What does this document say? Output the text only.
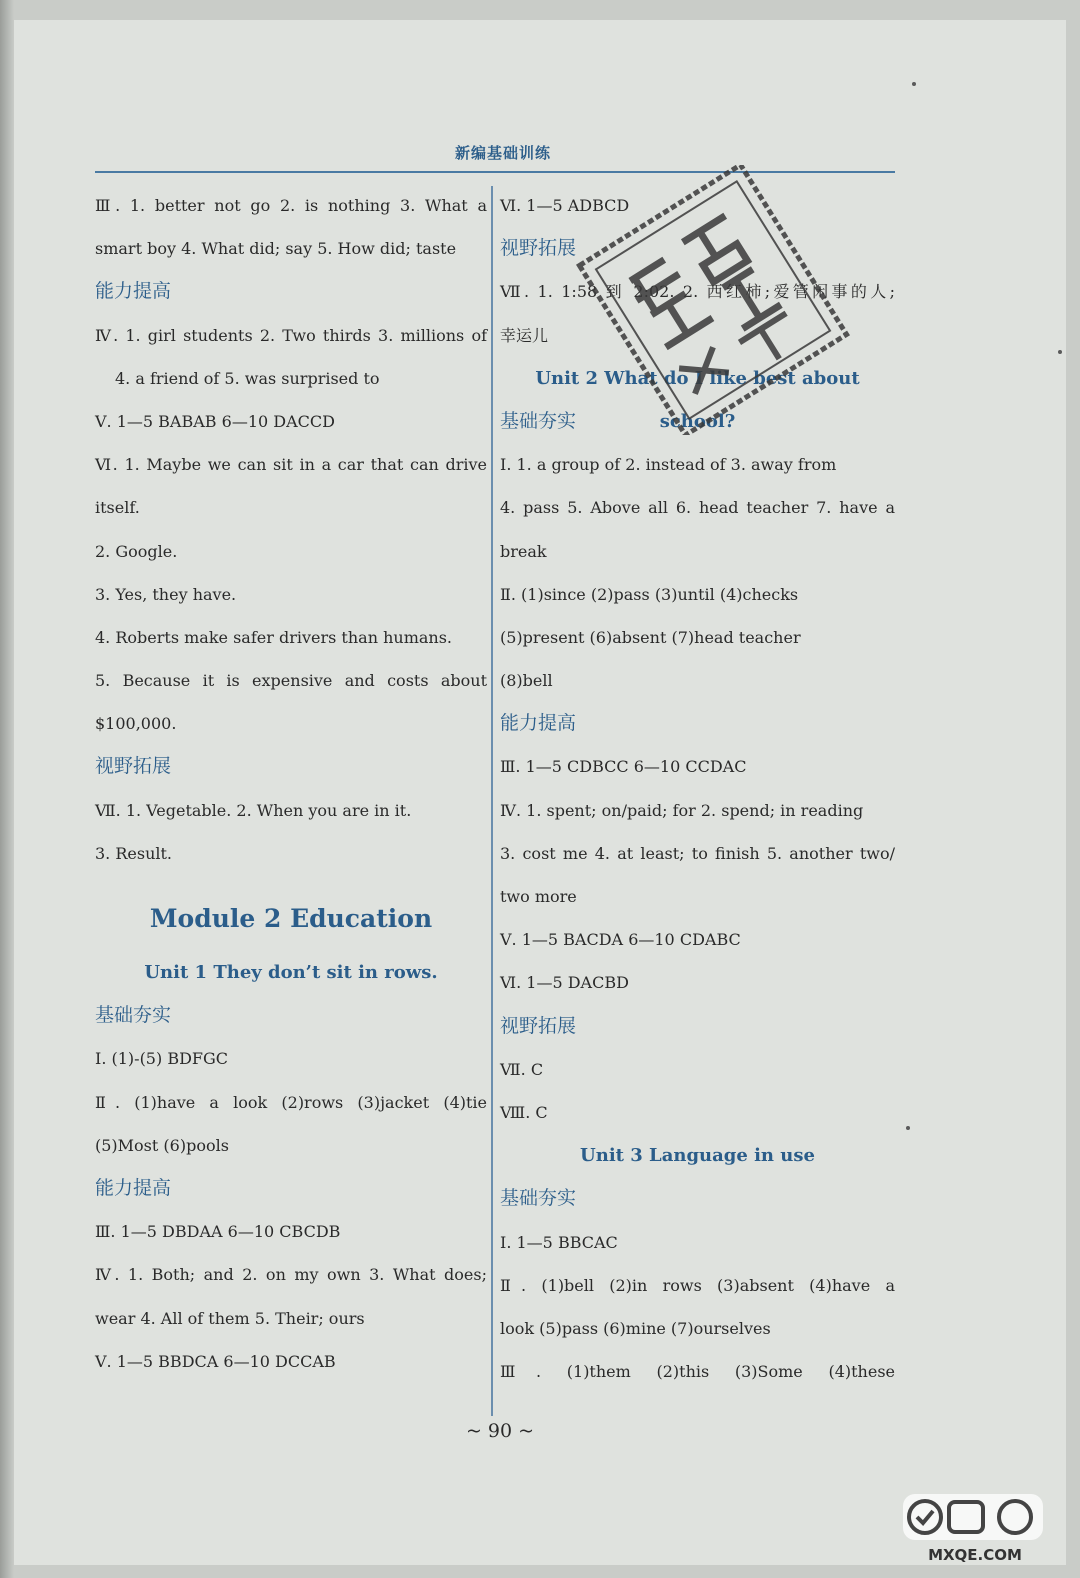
新编基础训练
Ⅲ. 1. better not go 2. is nothing 3. What a
smart boy 4. What did; say 5. How did; taste
能力提高
Ⅳ. 1. girl students 2. Two thirds 3. millions of
4. a friend of 5. was surprised to
Ⅴ. 1—5 BABAB 6—10 DACCD
Ⅵ. 1. Maybe we can sit in a car that can drive
itself.
2. Google.
3. Yes, they have.
4. Roberts make safer drivers than humans.
5. Because it is expensive and costs about
$100,000.
视野拓展
Ⅶ. 1. Vegetable. 2. When you are in it.
3. Result.
Module 2 Education
Unit 1 They don’t sit in rows.
基础夯实
Ⅰ. (1)-(5) BDFGC
Ⅱ. (1)have a look (2)rows (3)jacket (4)tie
(5)Most (6)pools
能力提高
Ⅲ. 1—5 DBDAA 6—10 CBCDB
Ⅳ. 1. Both; and 2. on my own 3. What does;
wear 4. All of them 5. Their; ours
Ⅴ. 1—5 BBDCA 6—10 DCCAB
Ⅵ. 1—5 ADBCD
视野拓展
Ⅶ. 1. 1:58 到 2:02. 2. 西红柿;爱管闲事的人;
幸运儿
Unit 2 What do I like best about school?
基础夯实
Ⅰ. 1. a group of 2. instead of 3. away from
4. pass 5. Above all 6. head teacher 7. have a
break
Ⅱ. (1)since (2)pass (3)until (4)checks
(5)present (6)absent (7)head teacher
(8)bell
能力提高
Ⅲ. 1—5 CDBCC 6—10 CCDAC
Ⅳ. 1. spent; on/paid; for 2. spend; in reading
3. cost me 4. at least; to finish 5. another two/
two more
Ⅴ. 1—5 BACDA 6—10 CDABC
Ⅵ. 1—5 DACBD
视野拓展
Ⅶ. C
Ⅷ. C
Unit 3 Language in use
基础夯实
Ⅰ. 1—5 BBCAC
Ⅱ. (1)bell (2)in rows (3)absent (4)have a
look (5)pass (6)mine (7)ourselves
Ⅲ. (1)them (2)this (3)Some (4)these
~ 90 ~
MXQE.COM
